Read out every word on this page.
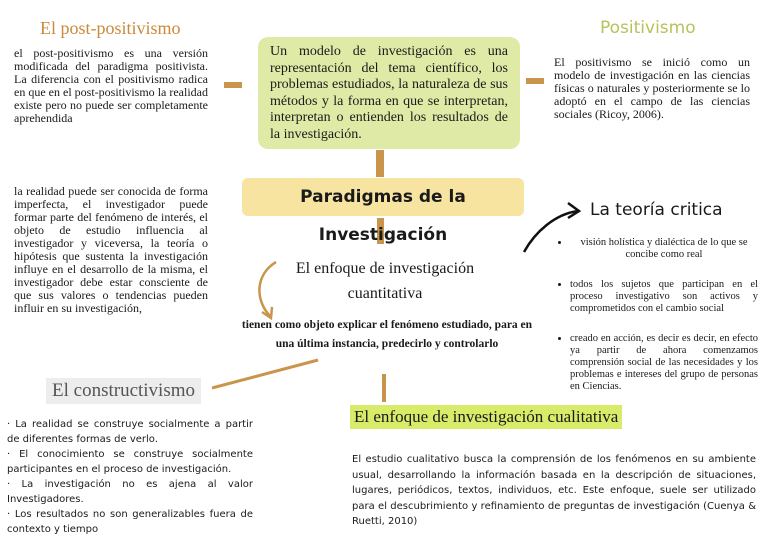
El post-positivismo
el post-positivismo es una versión modificada del paradigma positivista. La diferencia con el positivismo radica en que en el post-positivismo la realidad existe pero no puede ser completamente aprehendida
la realidad puede ser conocida de forma imperfecta, el investigador puede formar parte del fenómeno de interés, el objeto de estudio influencia al investigador y viceversa, la teoría o hipótesis que sustenta la investigación influye en el desarrollo de la misma, el investigador debe estar consciente de que sus valores o tendencias pueden influir en su investigación,
Un modelo de investigación es una representación del tema científico, los problemas estudiados, la naturaleza de sus métodos y la forma en que se interpretan, interpretan o entienden los resultados de la investigación.
Positivismo
El positivismo se inició como un modelo de investigación en las ciencias físicas o naturales y posteriormente se lo adoptó en el campo de las ciencias sociales (Ricoy, 2006).
Paradigmas de la Investigación
La teoría critica
• visión holística y dialéctica de lo que se concibe como real
• todos los sujetos que participan en el proceso investigativo son activos y comprometidos con el cambio social
• creado en acción, es decir es decir, en efecto ya partir de ahora comenzamos comprensión social de las necesidades y los problemas e intereses del grupo de personas en Ciencias.
El enfoque de investigación cuantitativa
tienen como objeto explicar el fenómeno estudiado, para en una última instancia, predecirlo y controlarlo
El constructivismo
· La realidad se construye socialmente a partir de diferentes formas de verlo.
· El conocimiento se construye socialmente participantes en el proceso de investigación.
· La investigación no es ajena al valor Investigadores.
· Los resultados no son generalizables fuera de contexto y tiempo
El enfoque de investigación cualitativa
El estudio cualitativo busca la comprensión de los fenómenos en su ambiente usual, desarrollando la información basada en la descripción de situaciones, lugares, periódicos, textos, individuos, etc. Este enfoque, suele ser utilizado para el descubrimiento y refinamiento de preguntas de investigación (Cuenya & Ruetti, 2010)
